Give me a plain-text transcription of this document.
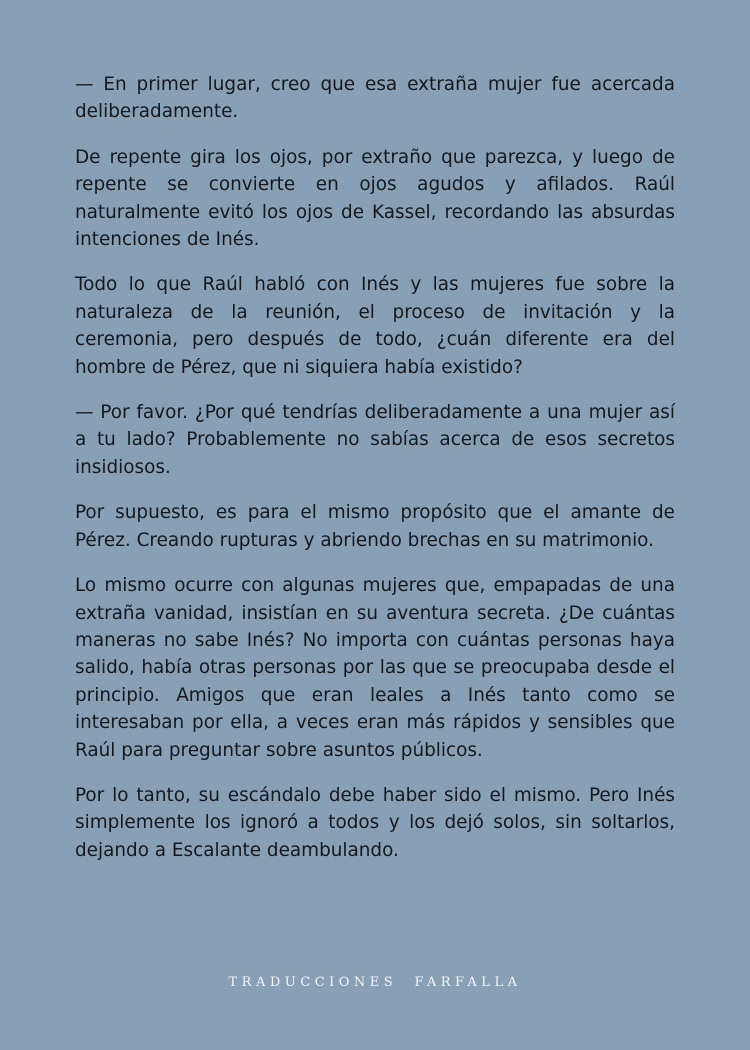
— En primer lugar, creo que esa extraña mujer fue acercada deliberadamente.

De repente gira los ojos, por extraño que parezca, y luego de repente se convierte en ojos agudos y afilados. Raúl naturalmente evitó los ojos de Kassel, recordando las absurdas intenciones de Inés.

Todo lo que Raúl habló con Inés y las mujeres fue sobre la naturaleza de la reunión, el proceso de invitación y la ceremonia, pero después de todo, ¿cuán diferente era del hombre de Pérez, que ni siquiera había existido?

— Por favor. ¿Por qué tendrías deliberadamente a una mujer así a tu lado? Probablemente no sabías acerca de esos secretos insidiosos.

Por supuesto, es para el mismo propósito que el amante de Pérez. Creando rupturas y abriendo brechas en su matrimonio.

Lo mismo ocurre con algunas mujeres que, empapadas de una extraña vanidad, insistían en su aventura secreta. ¿De cuántas maneras no sabe Inés? No importa con cuántas personas haya salido, había otras personas por las que se preocupaba desde el principio. Amigos que eran leales a Inés tanto como se interesaban por ella, a veces eran más rápidos y sensibles que Raúl para preguntar sobre asuntos públicos.

Por lo tanto, su escándalo debe haber sido el mismo. Pero Inés simplemente los ignoró a todos y los dejó solos, sin soltarlos, dejando a Escalante deambulando.

TRADUCCIONES  FARFALLA
